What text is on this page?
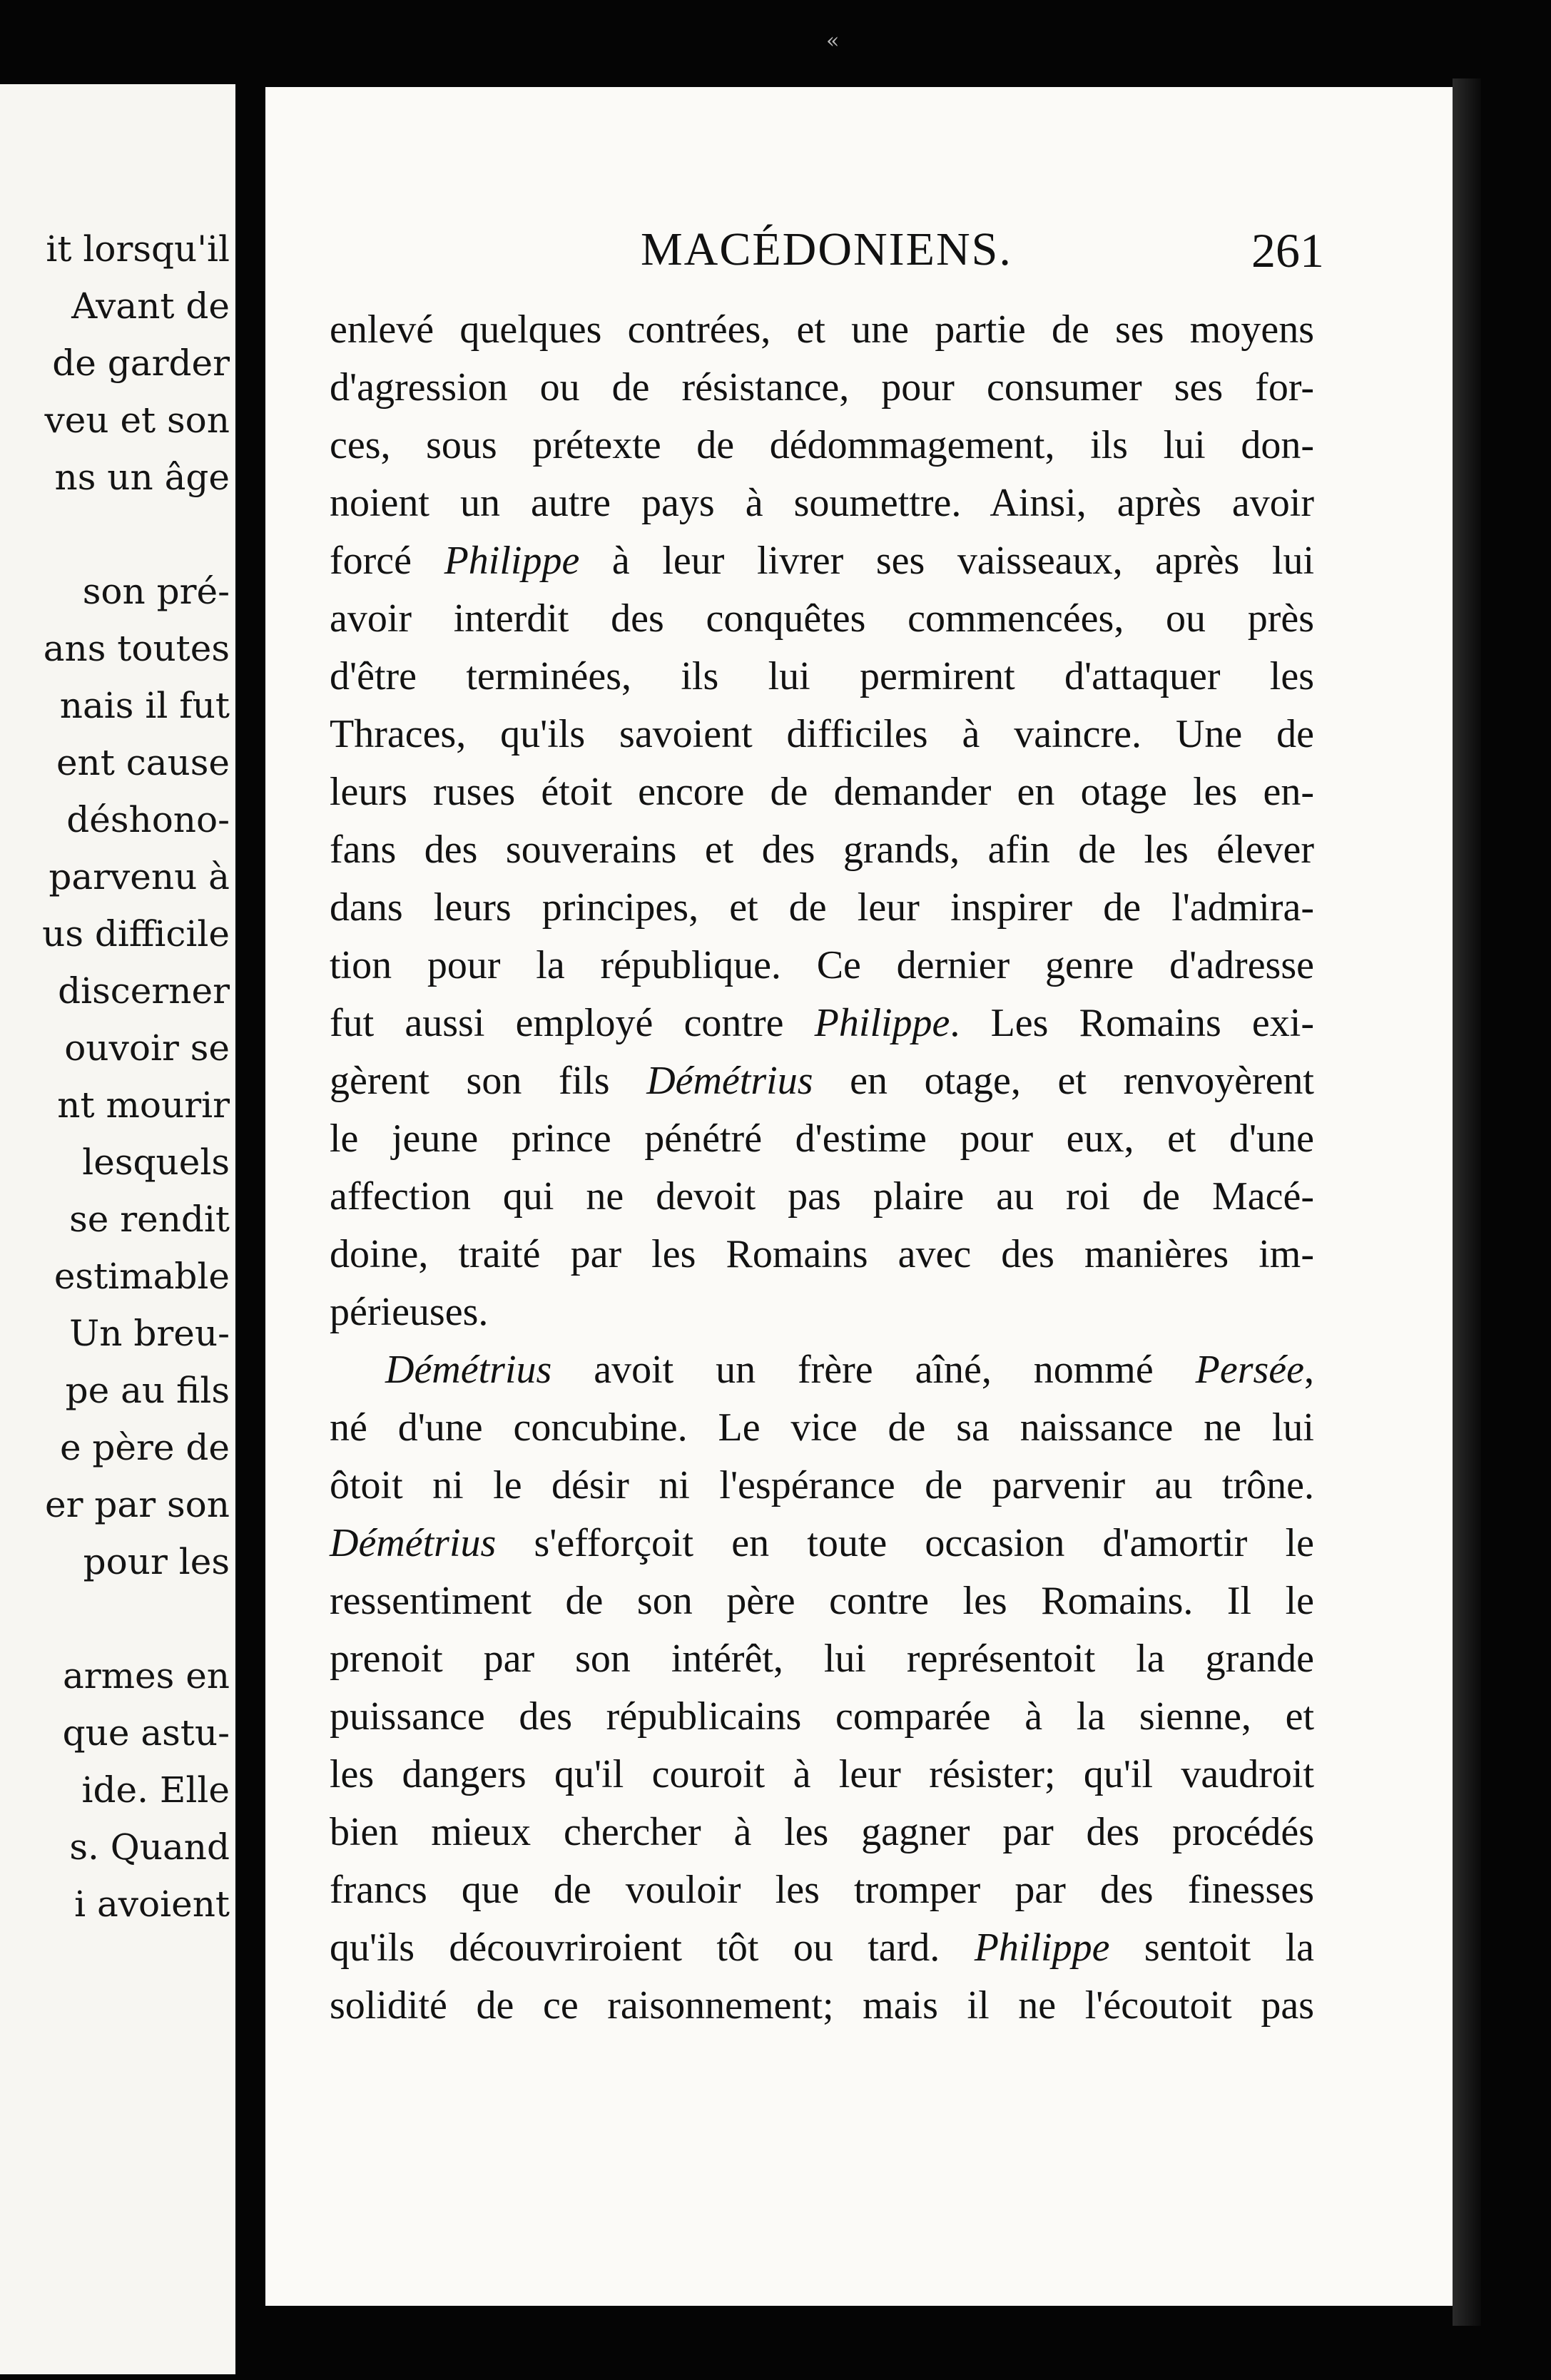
«
it lorsqu'il
Avant de
de garder
veu et son
ns un âge
son pré-
ans toutes
nais il fut
ent cause
déshono-
parvenu à
us difficile
discerner
ouvoir se
nt mourir
lesquels
se rendit
estimable
Un breu-
pe au fils
e père de
er par son
pour les
armes en
que astu-
ide. Elle
s. Quand
i avoient
MACÉDONIENS.	261
enlevé quelques contrées, et une partie de ses moyens
d'agression ou de résistance, pour consumer ses for-
ces, sous prétexte de dédommagement, ils lui don-
noient un autre pays à soumettre. Ainsi, après avoir
forcé Philippe à leur livrer ses vaisseaux, après lui
avoir interdit des conquêtes commencées, ou près
d'être terminées, ils lui permirent d'attaquer les
Thraces, qu'ils savoient difficiles à vaincre. Une de
leurs ruses étoit encore de demander en otage les en-
fans des souverains et des grands, afin de les élever
dans leurs principes, et de leur inspirer de l'admira-
tion pour la république. Ce dernier genre d'adresse
fut aussi employé contre Philippe. Les Romains exi-
gèrent son fils Démétrius en otage, et renvoyèrent
le jeune prince pénétré d'estime pour eux, et d'une
affection qui ne devoit pas plaire au roi de Macé-
doine, traité par les Romains avec des manières im-
périeuses.
Démétrius avoit un frère aîné, nommé Persée,
né d'une concubine. Le vice de sa naissance ne lui
ôtoit ni le désir ni l'espérance de parvenir au trône.
Démétrius s'efforçoit en toute occasion d'amortir le
ressentiment de son père contre les Romains. Il le
prenoit par son intérêt, lui représentoit la grande
puissance des républicains comparée à la sienne, et
les dangers qu'il couroit à leur résister; qu'il vaudroit
bien mieux chercher à les gagner par des procédés
francs que de vouloir les tromper par des finesses
qu'ils découvriroient tôt ou tard. Philippe sentoit la
solidité de ce raisonnement; mais il ne l'écoutoit pas
